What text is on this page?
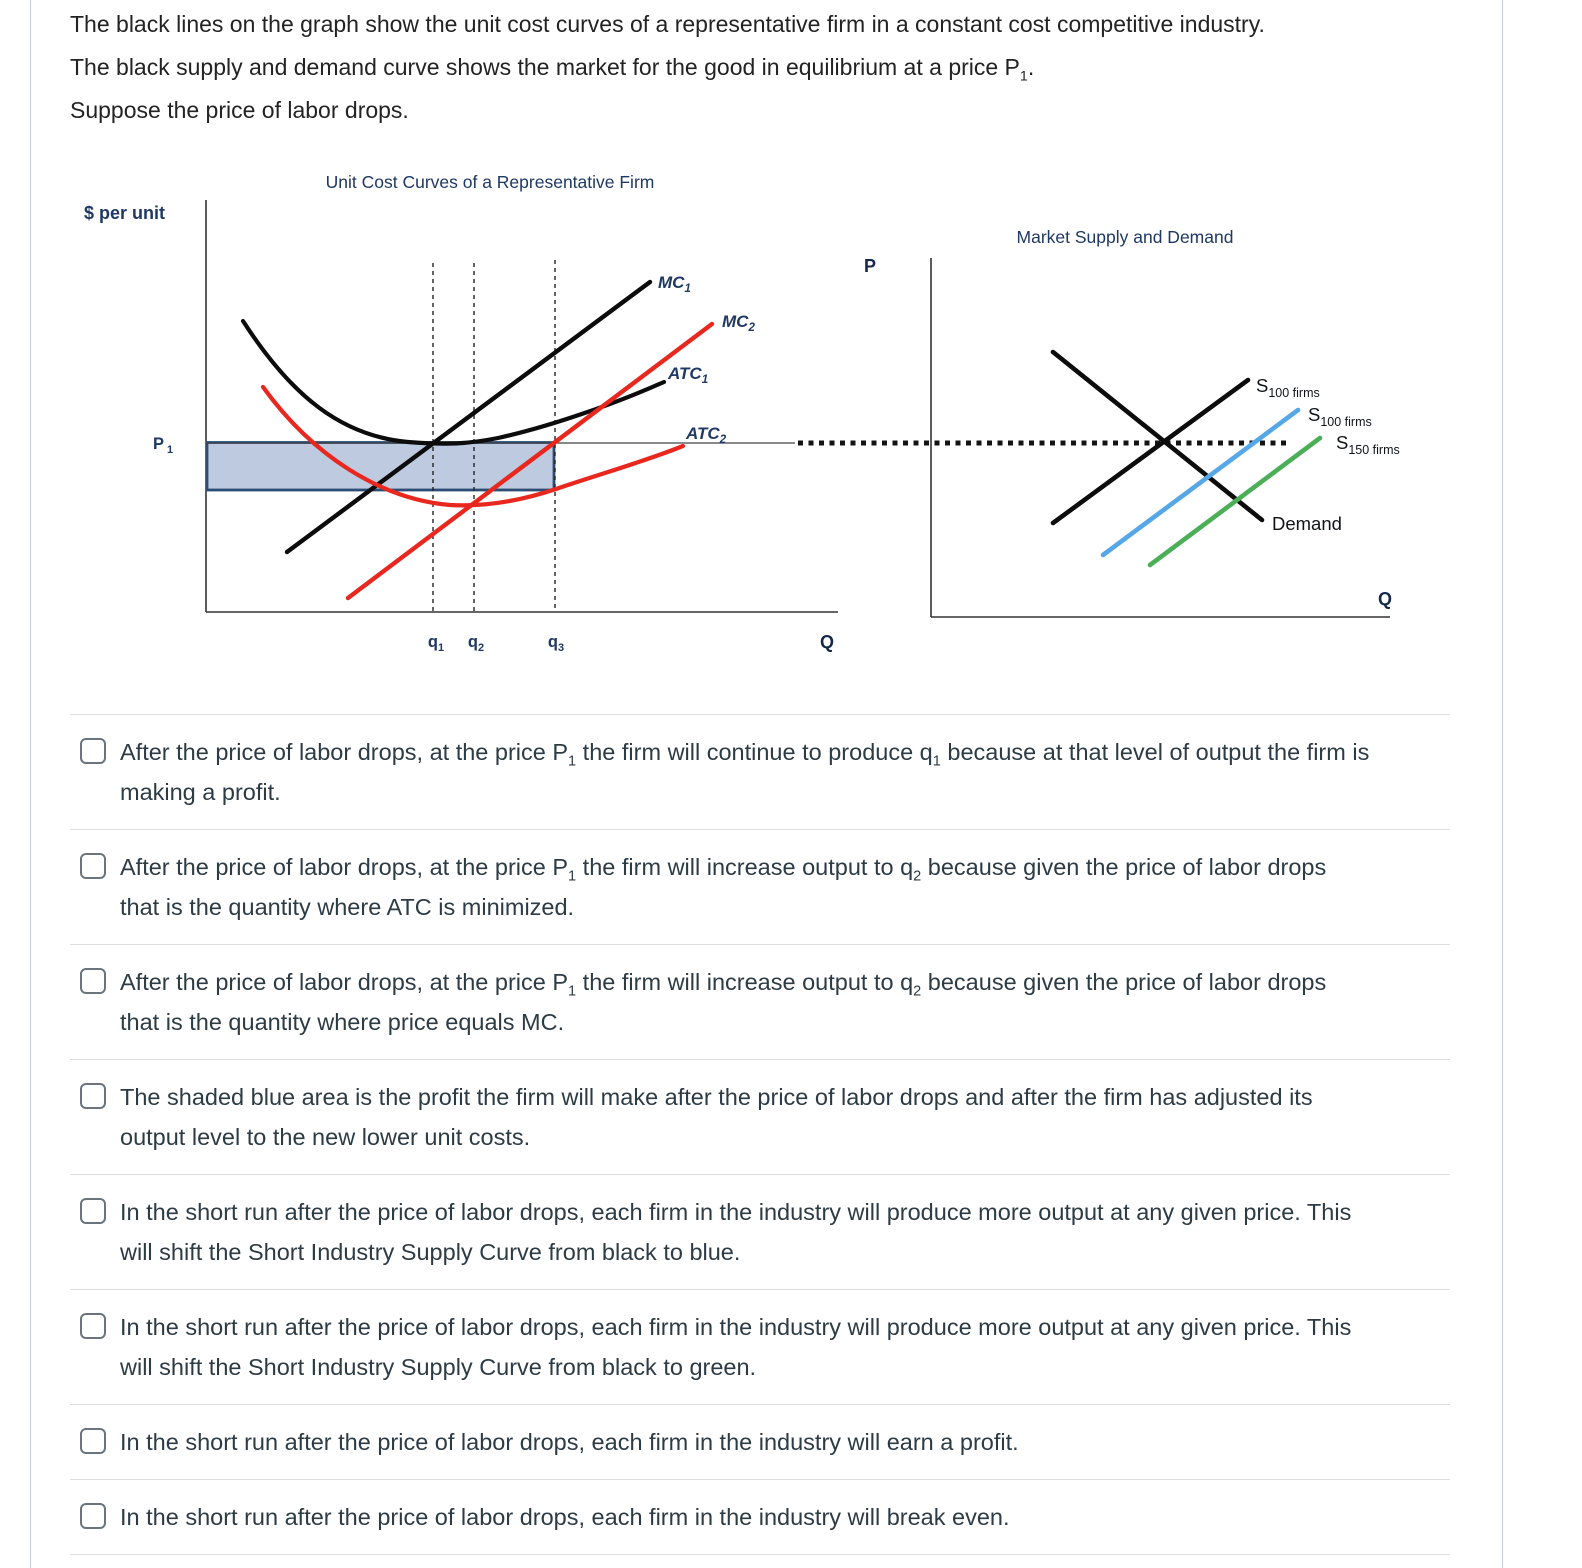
The black lines on the graph show the unit cost curves of a representative firm in a constant cost competitive industry.

The black supply and demand curve shows the market for the good in equilibrium at a price $P_1$.

Suppose the price of labor drops.

Unit Cost Curves of a Representative Firm
$ per unit
$MC_1$
$MC_2$
$ATC_1$
$ATC_2$
P $_1$
$q_1$ $q_2$	$q_3$	Q
Market Supply and Demand
P
Q
$S_{100 firms}$
$S_{100 firms}$
$S_{150 firms}$
Demand
After the price of labor drops, at the price $P_1$ the firm will continue to produce $q_1$ because at that level of output the firm is making a profit.
After the price of labor drops, at the price $P_1$ the firm will increase output to $q_2$ because given the price of labor drops that is the quantity where ATC is minimized.
After the price of labor drops, at the price $P_1$ the firm will increase output to $q_2$ because given the price of labor drops that is the quantity where price equals MC.
The shaded blue area is the profit the firm will make after the price of labor drops and after the firm has adjusted its output level to the new lower unit costs.
In the short run after the price of labor drops, each firm in the industry will produce more output at any given price. This will shift the Short Industry Supply Curve from black to blue.
In the short run after the price of labor drops, each firm in the industry will produce more output at any given price. This will shift the Short Industry Supply Curve from black to green.
In the short run after the price of labor drops, each firm in the industry will earn a profit.
In the short run after the price of labor drops, each firm in the industry will break even.
